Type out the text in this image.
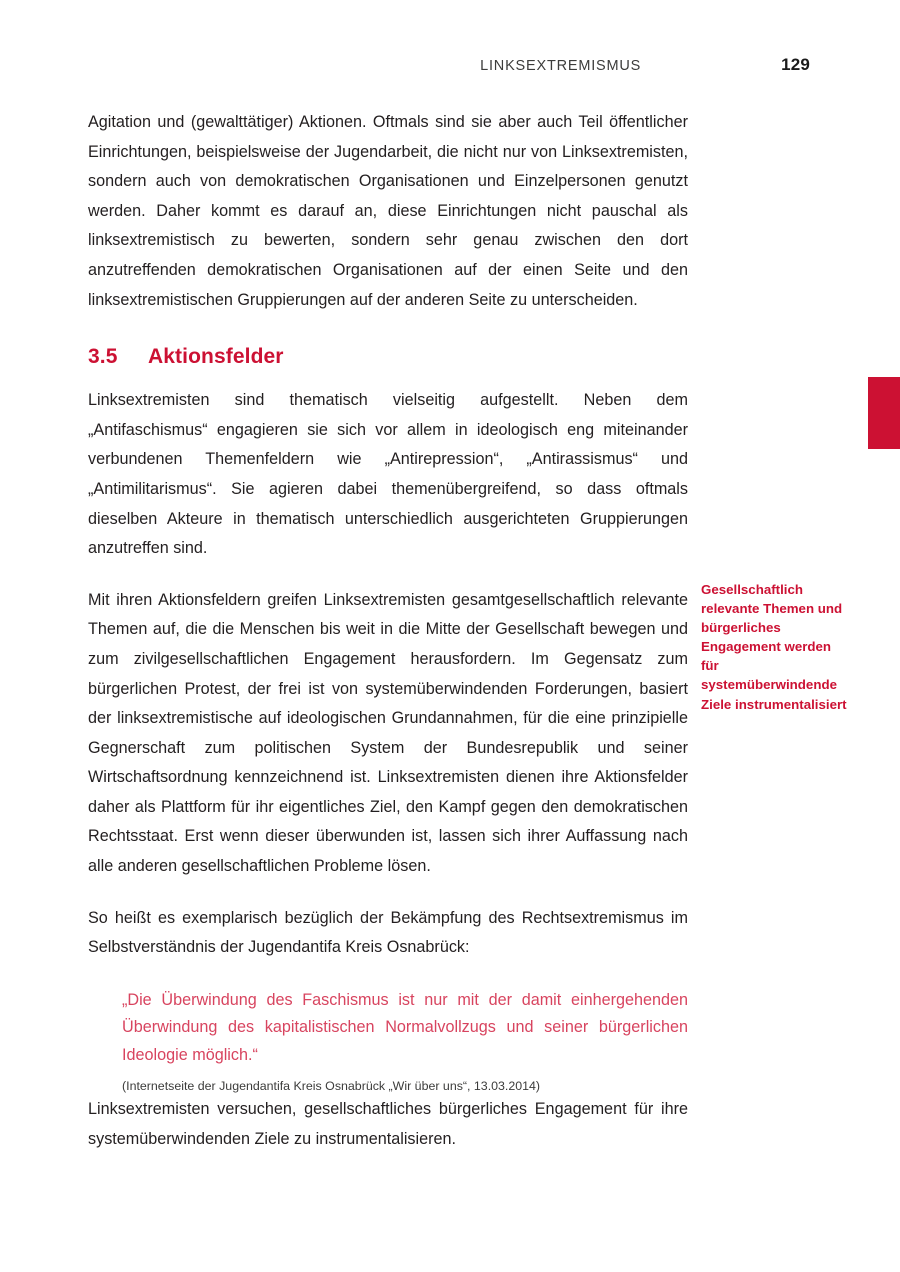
LINKSEXTREMISMUS	129
Gesellschaftlich relevante Themen und bürgerliches Engagement werden für systemüberwindende Ziele instrumentalisiert

Agitation und (gewalttätiger) Aktionen. Oftmals sind sie aber auch Teil öffentlicher Einrichtungen, beispielsweise der Jugendarbeit, die nicht nur von Linksextremisten, sondern auch von demokratischen Organisationen und Einzelpersonen genutzt werden. Daher kommt es darauf an, diese Einrichtungen nicht pauschal als linksextremistisch zu bewerten, sondern sehr genau zwischen den dort anzutreffenden demokratischen Organisationen auf der einen Seite und den linksextremistischen Gruppierungen auf der anderen Seite zu unterscheiden.

3.5	Aktionsfelder

Linksextremisten sind thematisch vielseitig aufgestellt. Neben dem „Antifaschismus“ engagieren sie sich vor allem in ideologisch eng miteinander verbundenen Themenfeldern wie „Antirepression“, „Antirassismus“ und „Antimilitarismus“. Sie agieren dabei themenübergreifend, so dass oftmals dieselben Akteure in thematisch unterschiedlich ausgerichteten Gruppierungen anzutreffen sind.

Mit ihren Aktionsfeldern greifen Linksextremisten gesamtgesellschaftlich relevante Themen auf, die die Menschen bis weit in die Mitte der Gesellschaft bewegen und zum zivilgesellschaftlichen Engagement herausfordern. Im Gegensatz zum bürgerlichen Protest, der frei ist von systemüberwindenden Forderungen, basiert der linksextremistische auf ideologischen Grundannahmen, für die eine prinzipielle Gegnerschaft zum politischen System der Bundesrepublik und seiner Wirtschaftsordnung kennzeichnend ist. Linksextremisten dienen ihre Aktionsfelder daher als Plattform für ihr eigentliches Ziel, den Kampf gegen den demokratischen Rechtsstaat. Erst wenn dieser überwunden ist, lassen sich ihrer Auffassung nach alle anderen gesellschaftlichen Probleme lösen.

So heißt es exemplarisch bezüglich der Bekämpfung des Rechtsextremismus im Selbstverständnis der Jugendantifa Kreis Osnabrück:

„Die Überwindung des Faschismus ist nur mit der damit einhergehenden Überwindung des kapitalistischen Normalvollzugs und seiner bürgerlichen Ideologie möglich.“

(Internetseite der Jugendantifa Kreis Osnabrück „Wir über uns“, 13.03.2014)

Linksextremisten versuchen, gesellschaftliches bürgerliches Engagement für ihre systemüberwindenden Ziele zu instrumentalisieren.
